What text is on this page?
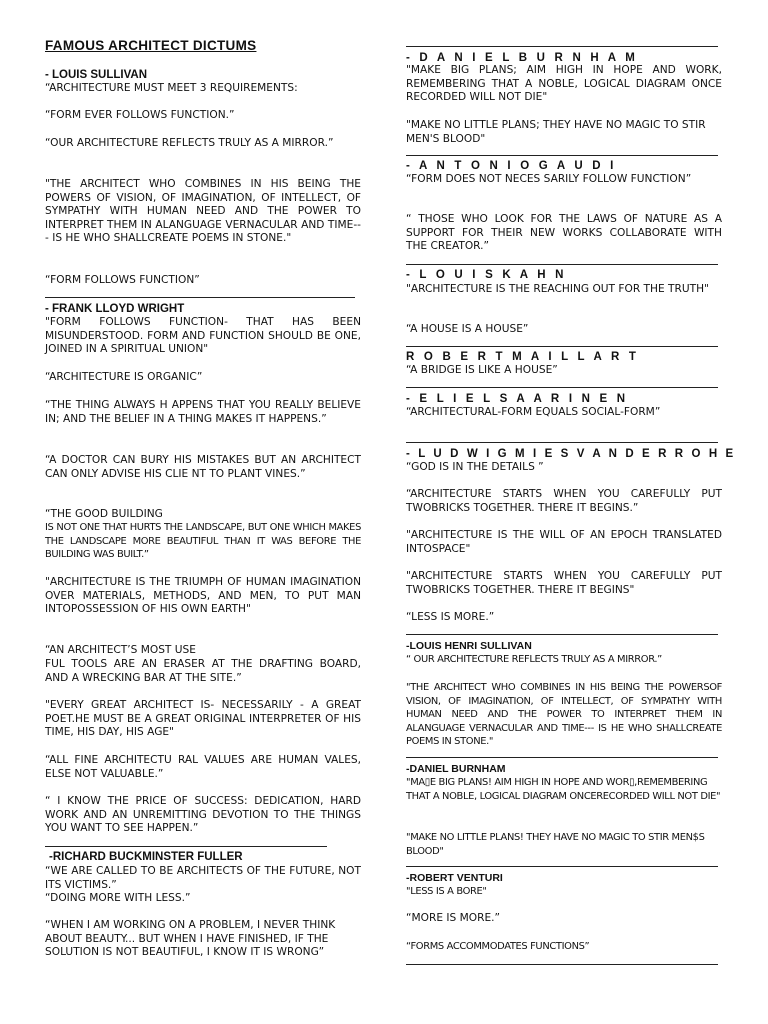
FAMOUS ARCHITECT DICTUMS
- LOUIS SULLIVAN

“ARCHITECTURE MUST MEET 3 REQUIREMENTS:

“FORM EVER FOLLOWS FUNCTION.”

“OUR ARCHITECTURE REFLECTS TRULY AS A MIRROR.”

"THE ARCHITECT WHO COMBINES IN HIS BEING THE POWERS OF VISION, OF IMAGINATION, OF INTELLECT, OF SYMPATHY WITH HUMAN NEED AND THE POWER TO INTERPRET THEM IN ALANGUAGE VERNACULAR AND TIME--- IS HE WHO SHALLCREATE POEMS IN STONE."

“FORM FOLLOWS FUNCTION”

- FRANK LLOYD WRIGHT

"FORM FOLLOWS FUNCTION- THAT HAS BEEN MISUNDERSTOOD. FORM AND FUNCTION SHOULD BE ONE, JOINED IN A SPIRITUAL UNION"

“ARCHITECTURE IS ORGANIC”

“THE THING ALWAYS H APPENS THAT YOU REALLY BELIEVE IN; AND THE BELIEF IN A THING MAKES IT HAPPENS.”

“A DOCTOR CAN BURY HIS MISTAKES BUT AN ARCHITECT CAN ONLY ADVISE HIS CLIE NT TO PLANT VINES.”

“THE GOOD BUILDING

IS NOT ONE THAT HURTS THE LANDSCAPE, BUT ONE WHICH MAKES THE LANDSCAPE MORE BEAUTIFUL THAN IT WAS BEFORE THE BUILDING WAS BUILT.”

"ARCHITECTURE IS THE TRIUMPH OF HUMAN IMAGINATION OVER MATERIALS, METHODS, AND MEN, TO PUT MAN INTOPOSSESSION OF HIS OWN EARTH"

“AN ARCHITECT’S MOST USE

FUL TOOLS ARE AN ERASER AT THE DRAFTING BOARD, AND A WRECKING BAR AT THE SITE.”

"EVERY GREAT ARCHITECT IS- NECESSARILY - A GREAT POET.HE MUST BE A GREAT ORIGINAL INTERPRETER OF HIS TIME, HIS DAY, HIS AGE"

“ALL FINE ARCHITECTU RAL VALUES ARE HUMAN VALES, ELSE NOT VALUABLE.”

“ I KNOW THE PRICE OF SUCCESS: DEDICATION, HARD WORK AND AN UNREMITTING DEVOTION TO THE THINGS YOU WANT TO SEE HAPPEN.”

-RICHARD BUCKMINSTER FULLER

“WE ARE CALLED TO BE ARCHITECTS OF THE FUTURE, NOT ITS VICTIMS.”

“DOING MORE WITH LESS.”

“WHEN I AM WORKING ON A PROBLEM, I NEVER THINK ABOUT BEAUTY... BUT WHEN I HAVE FINISHED, IF THE SOLUTION IS NOT BEAUTIFUL, I KNOW IT IS WRONG”

- D A N I E L B U R N H A M

"MAKE BIG PLANS; AIM HIGH IN HOPE AND WORK, REMEMBERING THAT A NOBLE, LOGICAL DIAGRAM ONCE RECORDED WILL NOT DIE"

"MAKE NO LITTLE PLANS; THEY HAVE NO MAGIC TO STIR MEN'S BLOOD"

- A N T O N I O G A U D I

“FORM DOES NOT NECES SARILY FOLLOW FUNCTION”

“ THOSE WHO LOOK FOR THE LAWS OF NATURE AS A SUPPORT FOR THEIR NEW WORKS COLLABORATE WITH THE CREATOR.”

- L O U I S K A H N

"ARCHITECTURE IS THE REACHING OUT FOR THE TRUTH"

“A HOUSE IS A HOUSE”

R O B E R T M A I L L A R T

“A BRIDGE IS LIKE A HOUSE”

- E L I E L S A A R I N E N

“ARCHITECTURAL-FORM EQUALS SOCIAL-FORM”

- L U D W I G M I E S V A N D E R R O H E

“GOD IS IN THE DETAILS ”

“ARCHITECTURE STARTS WHEN YOU CAREFULLY PUT TWOBRICKS TOGETHER. THERE IT BEGINS.”

"ARCHITECTURE IS THE WILL OF AN EPOCH TRANSLATED INTOSPACE"

"ARCHITECTURE STARTS WHEN YOU CAREFULLY PUT TWOBRICKS TOGETHER. THERE IT BEGINS"

“LESS IS MORE.”

-LOUIS HENRI SULLIVAN

“ OUR ARCHITECTURE REFLECTS TRULY AS A MIRROR.”

"THE ARCHITECT WHO COMBINES IN HIS BEING THE POWERSOF VISION, OF IMAGINATION, OF INTELLECT, OF SYMPATHY WITH HUMAN NEED AND THE POWER TO INTERPRET THEM IN ALANGUAGE VERNACULAR AND TIME--- IS HE WHO SHALLCREATE POEMS IN STONE."

-DANIEL BURNHAM

"MA▯E BIG PLANS! AIM HIGH IN HOPE AND WOR▯,REMEMBERING THAT A NOBLE, LOGICAL DIAGRAM ONCERECORDED WILL NOT DIE"

"MAKE NO LITTLE PLANS! THEY HAVE NO MAGIC TO STIR MEN$S BLOOD"

-ROBERT VENTURI

"LESS IS A BORE"

“MORE IS MORE.”

“FORMS ACCOMMODATES FUNCTIONS”
